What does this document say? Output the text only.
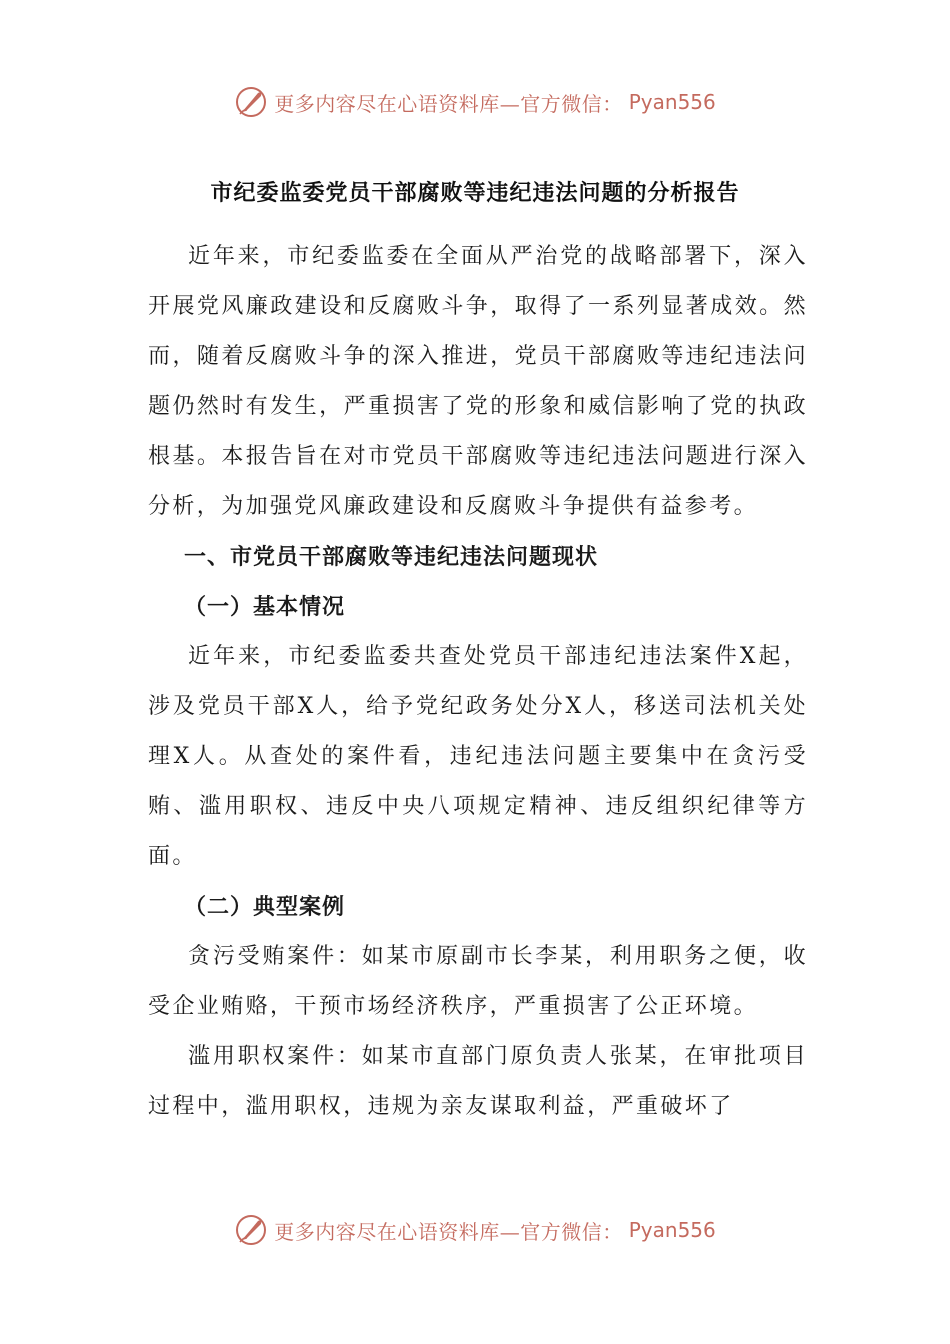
更多内容尽在心语资料库—官方微信： Pyan556
市纪委监委党员干部腐败等违纪违法问题的分析报告

近年来，市纪委监委在全面从严治党的战略部署下，深入开展党风廉政建设和反腐败斗争，取得了一系列显著成效。然而，随着反腐败斗争的深入推进，党员干部腐败等违纪违法问题仍然时有发生，严重损害了党的形象和威信影响了党的执政根基。本报告旨在对市党员干部腐败等违纪违法问题进行深入分析，为加强党风廉政建设和反腐败斗争提供有益参考。

一、市党员干部腐败等违纪违法问题现状

（一）基本情况

近年来，市纪委监委共查处党员干部违纪违法案件X起，涉及党员干部X人，给予党纪政务处分X人，移送司法机关处理X人。从查处的案件看，违纪违法问题主要集中在贪污受贿、滥用职权、违反中央八项规定精神、违反组织纪律等方面。

（二）典型案例

贪污受贿案件：如某市原副市长李某，利用职务之便，收受企业贿赂，干预市场经济秩序，严重损害了公正环境。

滥用职权案件：如某市直部门原负责人张某，在审批项目过程中，滥用职权，违规为亲友谋取利益，严重破坏了

更多内容尽在心语资料库—官方微信： Pyan556
